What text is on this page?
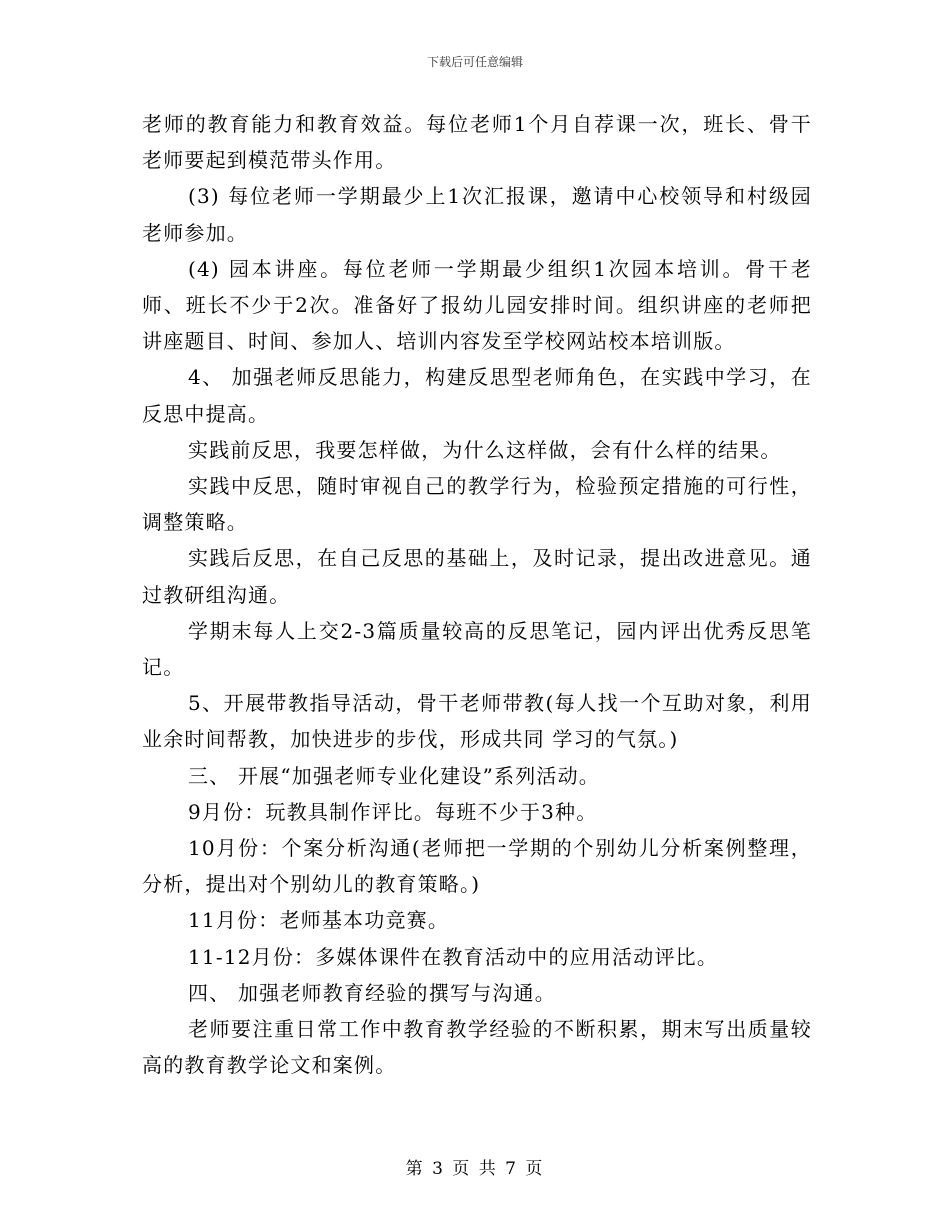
下载后可任意编辑

老师的教育能力和教育效益。每位老师1个月自荐课一次，班长、骨干老师要起到模范带头作用。

(3) 每位老师一学期最少上1次汇报课，邀请中心校领导和村级园老师参加。

(4) 园本讲座。每位老师一学期最少组织1次园本培训。骨干老师、班长不少于2次。准备好了报幼儿园安排时间。组织讲座的老师把讲座题目、时间、参加人、培训内容发至学校网站校本培训版。

4、 加强老师反思能力，构建反思型老师角色，在实践中学习，在反思中提高。

实践前反思，我要怎样做，为什么这样做，会有什么样的结果。

实践中反思，随时审视自己的教学行为，检验预定措施的可行性，调整策略。

实践后反思，在自己反思的基础上，及时记录，提出改进意见。通过教研组沟通。

学期末每人上交2-3篇质量较高的反思笔记，园内评出优秀反思笔记。

5、开展带教指导活动，骨干老师带教(每人找一个互助对象，利用业余时间帮教，加快进步的步伐，形成共同 学习的气氛。)

三、 开展“加强老师专业化建设”系列活动。

9月份：玩教具制作评比。每班不少于3种。

10月份：个案分析沟通(老师把一学期的个别幼儿分析案例整理，分析，提出对个别幼儿的教育策略。)

11月份：老师基本功竞赛。

11-12月份：多媒体课件在教育活动中的应用活动评比。

四、 加强老师教育经验的撰写与沟通。

老师要注重日常工作中教育教学经验的不断积累，期末写出质量较高的教育教学论文和案例。

第 3 页 共 7 页
